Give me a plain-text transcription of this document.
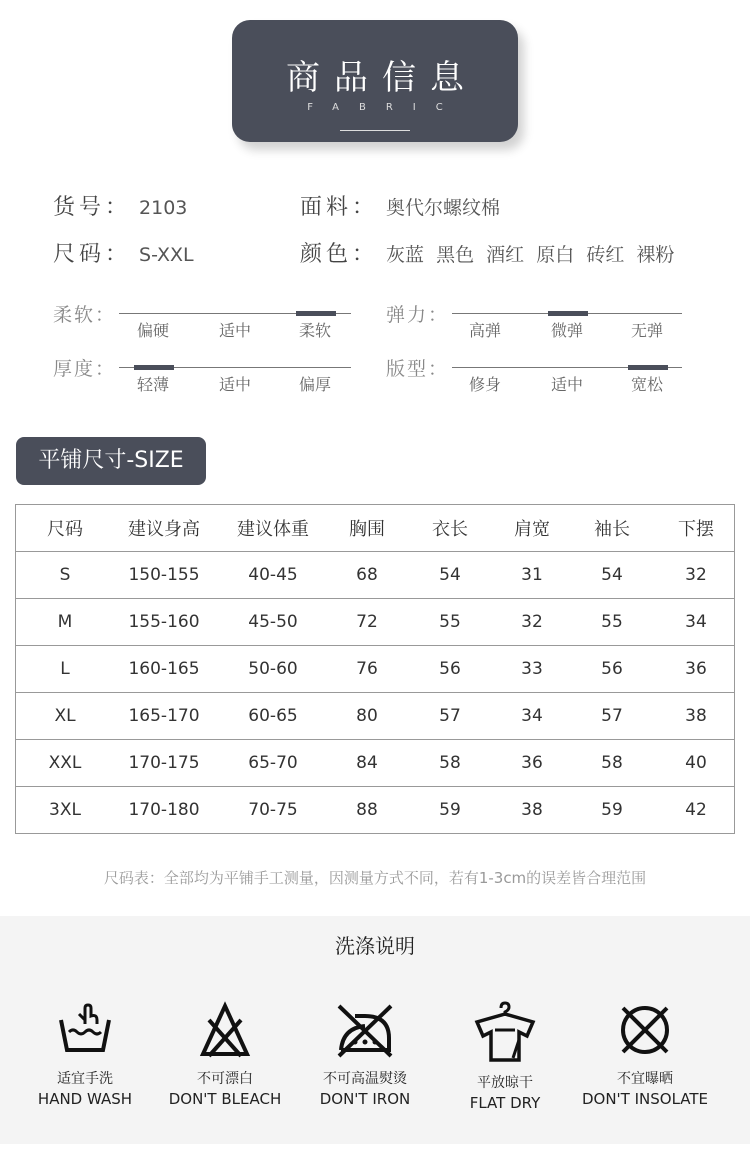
商品信息
FABRIC
货号： 2103	面料： 奥代尔螺纹棉
尺码： S-XXL	颜色： 灰蓝  黑色  酒红  原白  砖红  裸粉
柔软：
偏硬	适中	柔软
弹力：
高弹	微弹	无弹
厚度：
轻薄	适中	偏厚
版型：
修身	适中	宽松
平铺尺寸-SIZE
尺码	建议身高	建议体重	胸围	衣长	肩宽	袖长	下摆
S	150-155	40-45	68	54	31	54	32
M	155-160	45-50	72	55	32	55	34
L	160-165	50-60	76	56	33	56	36
XL	165-170	60-65	80	57	34	57	38
XXL	170-175	65-70	84	58	36	58	40
3XL	170-180	70-75	88	59	38	59	42
尺码表：全部均为平铺手工测量，因测量方式不同，若有1-3cm的误差皆合理范围
洗涤说明
适宜手洗
HAND WASH
不可漂白
DON'T BLEACH
不可高温熨烫
DON'T IRON
平放晾干
FLAT DRY
不宜曝晒
DON'T INSOLATE
